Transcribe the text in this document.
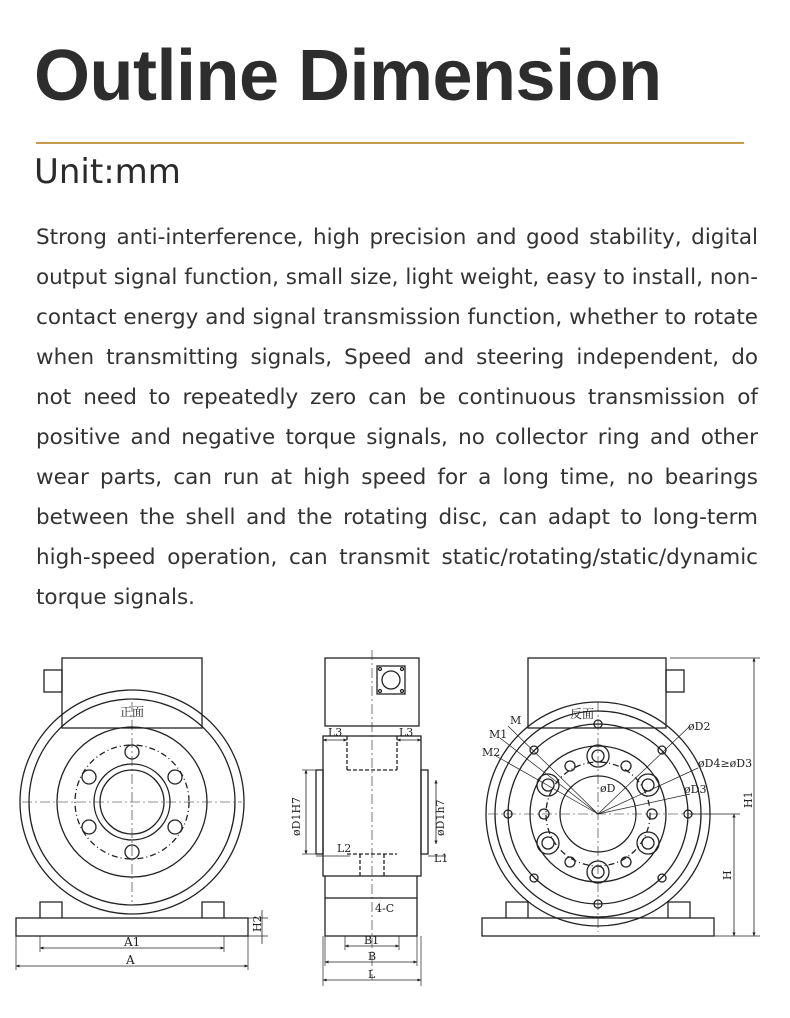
Outline Dimension
Unit:mm

Strong anti-interference, high precision and good stability, digital output signal function, small size, light weight, easy to install, non-contact energy and signal transmission function, whether to rotate when transmitting signals, Speed and steering independent, do not need to repeatedly zero can be continuous transmission of positive and negative torque signals, no collector ring and other wear parts, can run at high speed for a long time, no bearings between the shell and the rotating disc, can adapt to long-term high-speed operation, can transmit static/rotating/static/dynamic torque signals.

正面
A1
A
H2
L3	L3
øD1H7	øD1h7
L2
L1
4-C
B1
B
L
反面
M
M1
M2
øD2
øD4≥øD3
øD3
øD
H1
H
